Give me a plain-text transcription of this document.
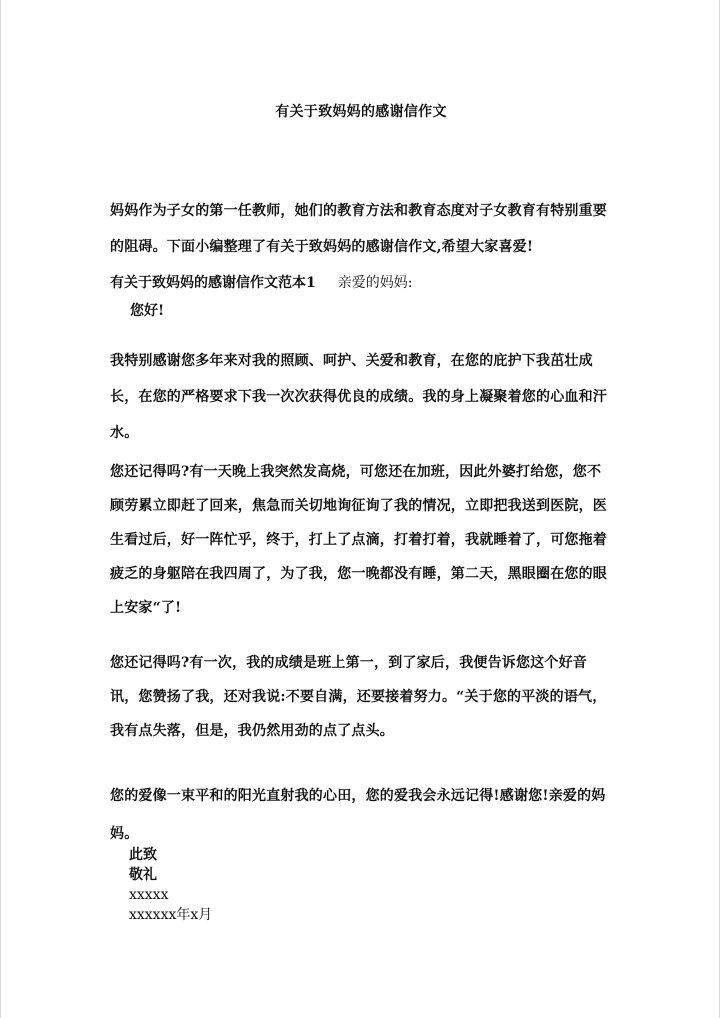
有关于致妈妈的感谢信作文
妈妈作为子女的第一任教师，她们的教育方法和教育态度对子女教育有特别重要的阻碍。下面小编整理了有关于致妈妈的感谢信作文,希望大家喜爱!
有关于致妈妈的感谢信作文范本1 亲爱的妈妈:
您好!
我特别感谢您多年来对我的照顾、呵护、关爱和教育，在您的庇护下我茁壮成长，在您的严格要求下我一次次获得优良的成绩。我的身上凝聚着您的心血和汗水。
您还记得吗?有一天晚上我突然发高烧，可您还在加班，因此外婆打给您，您不顾劳累立即赶了回来，焦急而关切地询征询了我的情况，立即把我送到医院，医生看过后，好一阵忙乎，终于，打上了点滴，打着打着，我就睡着了，可您拖着疲乏的身躯陪在我四周了，为了我，您一晚都没有睡，第二天，黑眼圈在您的眼上安家“了!
您还记得吗?有一次，我的成绩是班上第一，到了家后，我便告诉您这个好音讯，您赞扬了我，还对我说:不要自满，还要接着努力。“关于您的平淡的语气，我有点失落，但是，我仍然用劲的点了点头。
您的爱像一束平和的阳光直射我的心田，您的爱我会永远记得!感谢您!亲爱的妈妈。
此致
敬礼
xxxxx
xxxxxx年x月
